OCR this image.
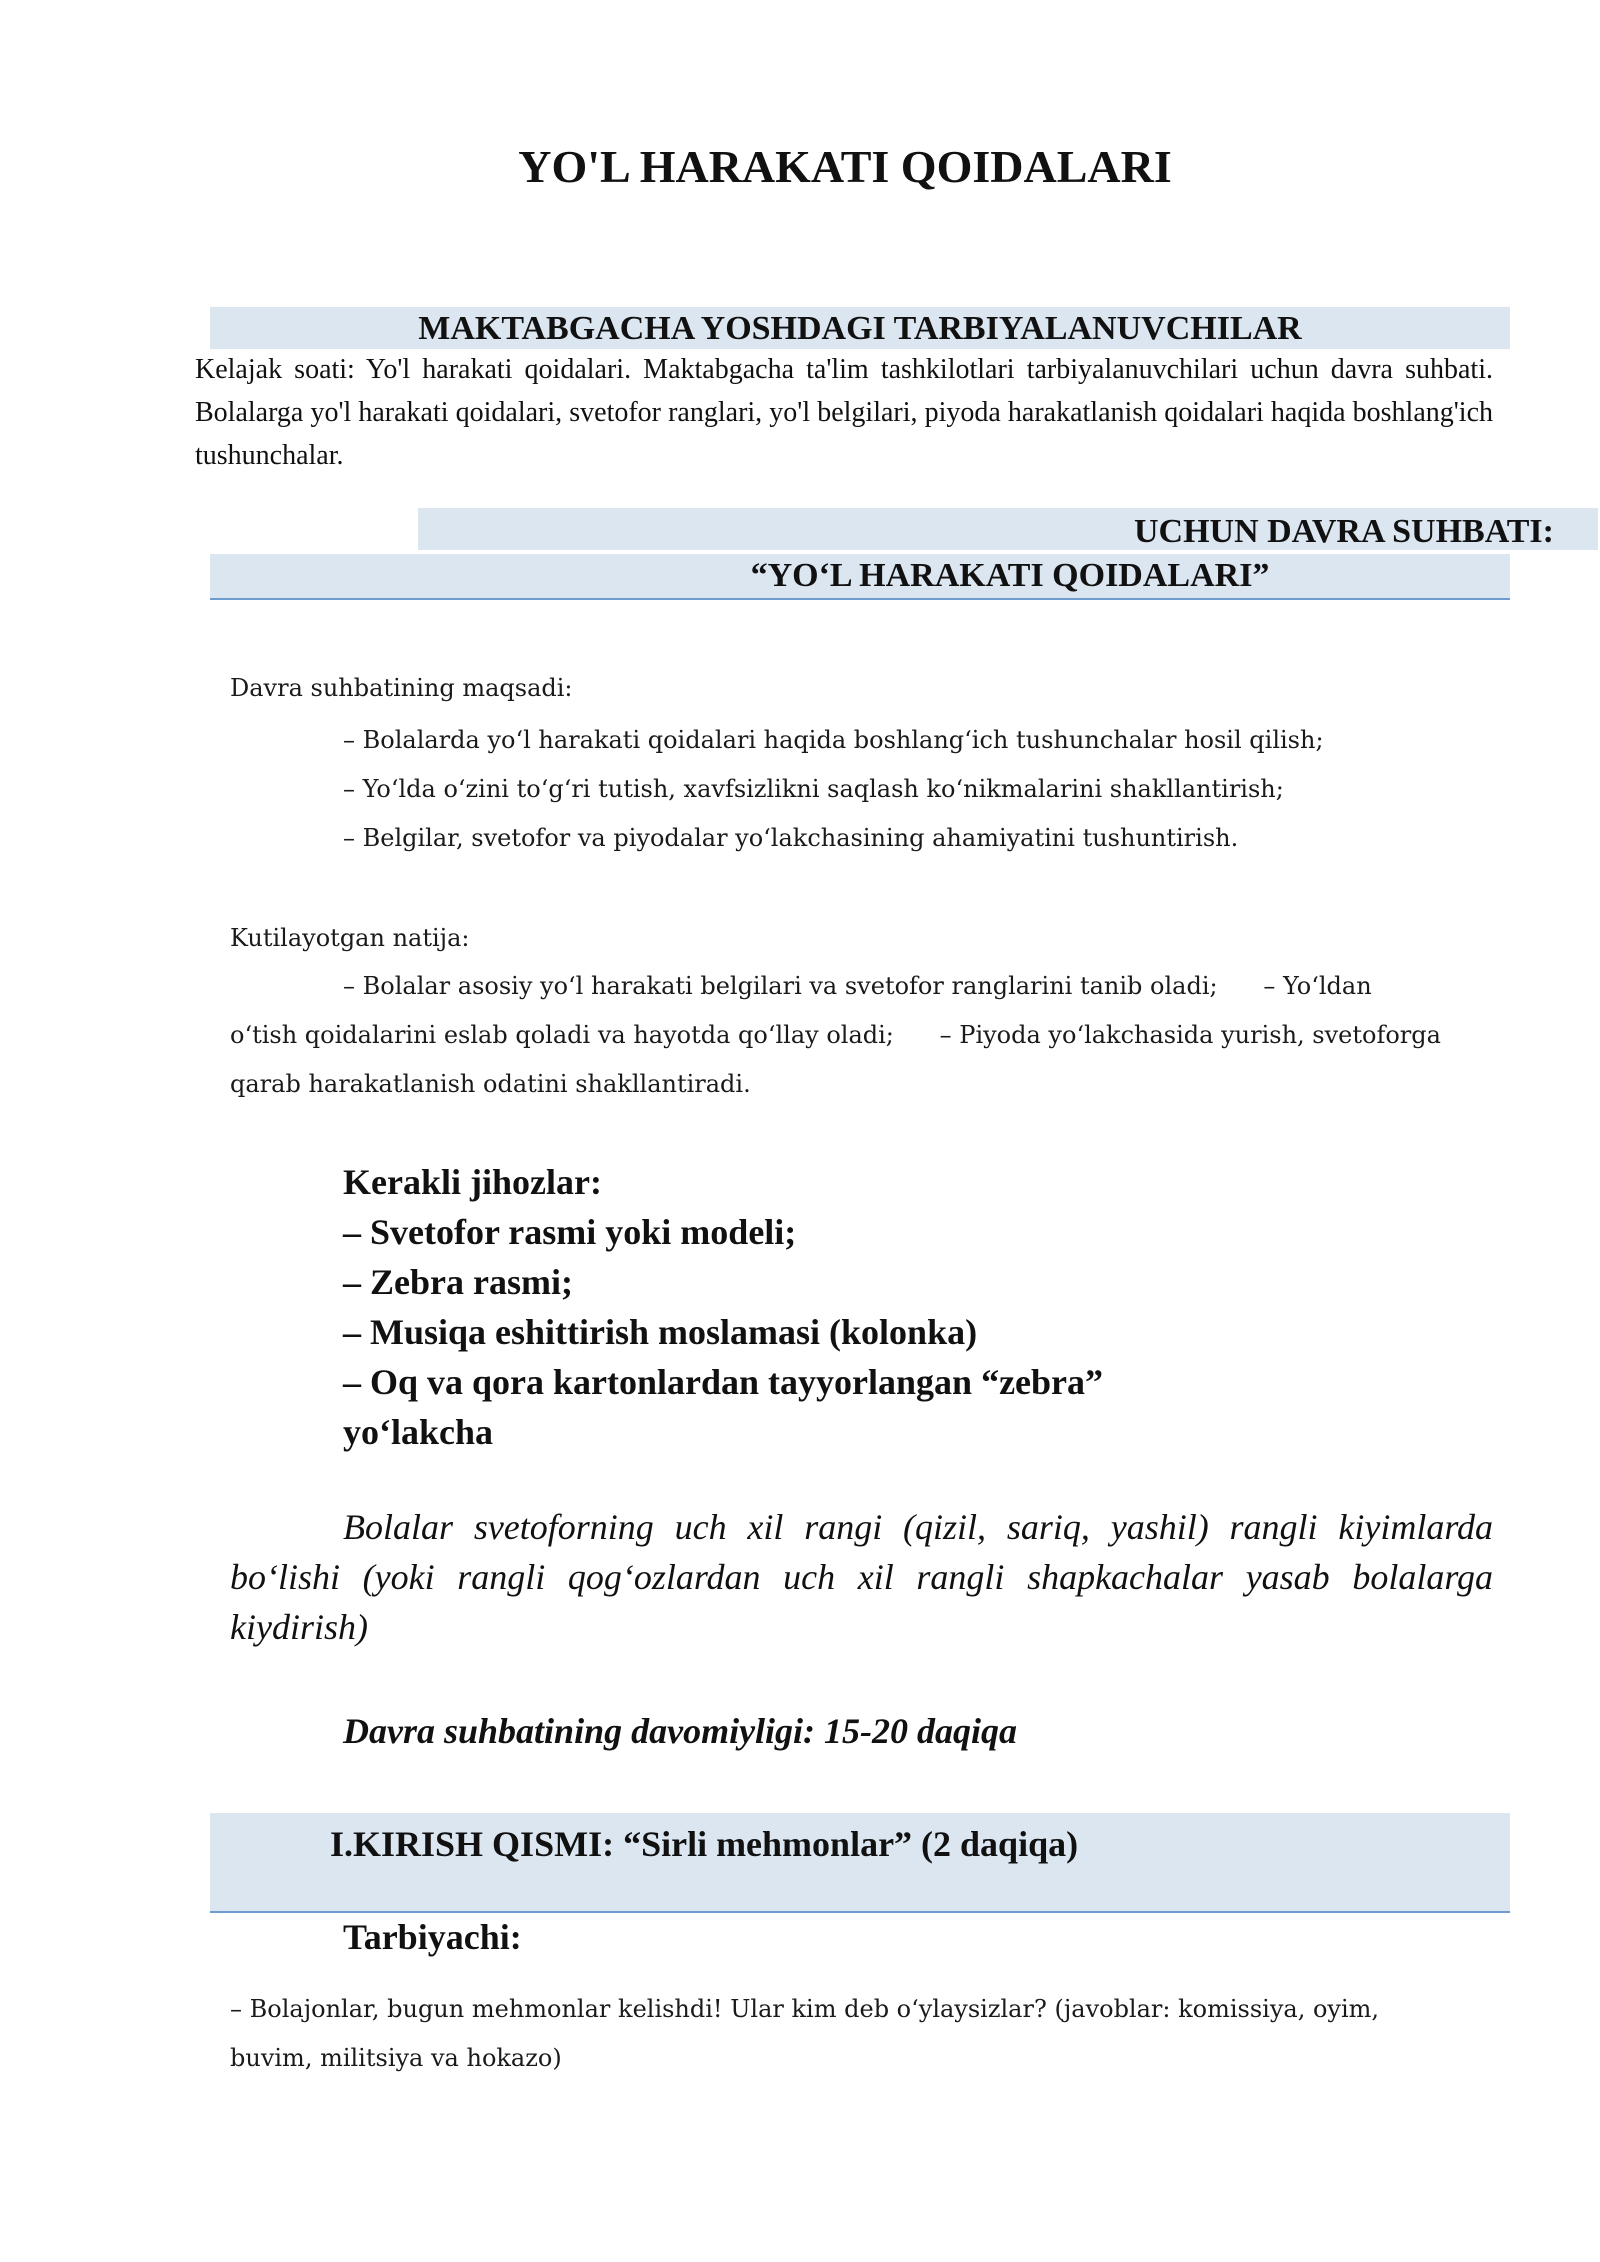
YO'L HARAKATI QOIDALARI
MAKTABGACHA YOSHDAGI TARBIYALANUVCHILAR
Kelajak soati: Yo'l harakati qoidalari. Maktabgacha ta'lim tashkilotlari tarbiyalanuvchilari uchun davra suhbati. Bolalarga yo'l harakati qoidalari, svetofor ranglari, yo'l belgilari, piyoda harakatlanish qoidalari haqida boshlang'ich tushunchalar.
UCHUN DAVRA SUHBATI:
“YO‘L HARAKATI QOIDALARI”
Davra suhbatining maqsadi:
– Bolalarda yo‘l harakati qoidalari haqida boshlang‘ich tushunchalar hosil qilish;
– Yo‘lda o‘zini to‘g‘ri tutish, xavfsizlikni saqlash ko‘nikmalarini shakllantirish;
– Belgilar, svetofor va piyodalar yo‘lakchasining ahamiyatini tushuntirish.
Kutilayotgan natija:
– Bolalar asosiy yo‘l harakati belgilari va svetofor ranglarini tanib oladi; – Yo‘ldan o‘tish qoidalarini eslab qoladi va hayotda qo‘llay oladi; – Piyoda yo‘lakchasida yurish, svetoforga qarab harakatlanish odatini shakllantiradi.
Kerakli jihozlar:
– Svetofor rasmi yoki modeli;
– Zebra rasmi;
– Musiqa eshittirish moslamasi (kolonka)
– Oq va qora kartonlardan tayyorlangan “zebra” yo‘lakcha
Bolalar svetoforning uch xil rangi (qizil, sariq, yashil) rangli kiyimlarda bo‘lishi (yoki rangli qog‘ozlardan uch xil rangli shapkachalar yasab bolalarga kiydirish)
Davra suhbatining davomiyligi: 15-20 daqiqa
I.KIRISH QISMI: “Sirli mehmonlar” (2 daqiqa)
Tarbiyachi:
– Bolajonlar, bugun mehmonlar kelishdi! Ular kim deb o‘ylaysizlar? (javoblar: komissiya, oyim, buvim, militsiya va hokazo)
